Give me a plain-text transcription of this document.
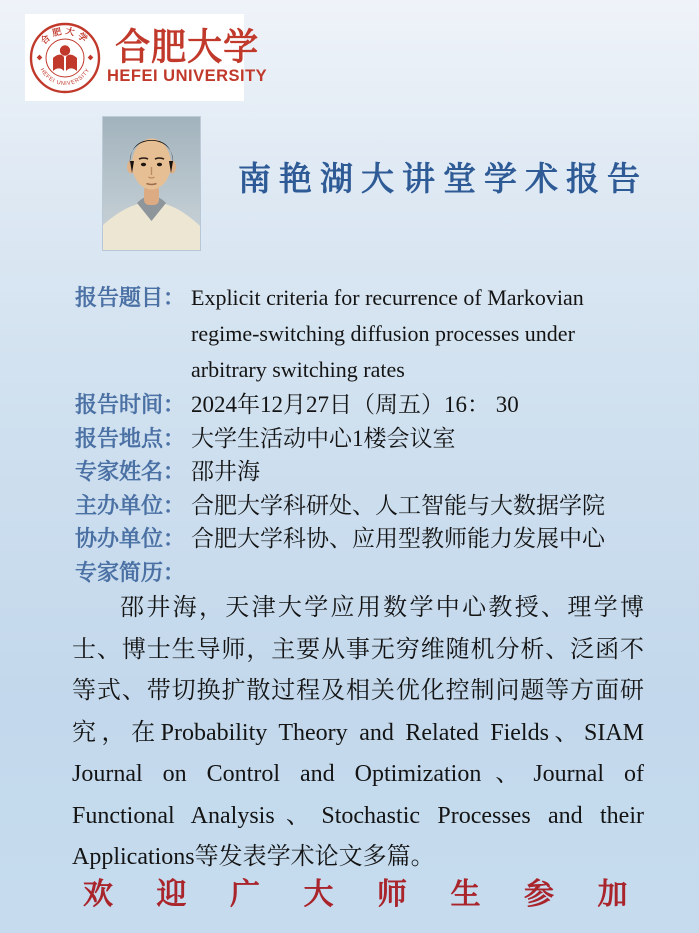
合肥大学
HEFEI UNIVERSITY
合肥大学
HEFEI UNIVERSITY
南艳湖大讲堂学术报告
报告题目： Explicit criteria for recurrence of Markovian regime-switching diffusion processes under arbitrary switching rates
报告时间： 2024年12月27日（周五）16： 30
报告地点： 大学生活动中心1楼会议室
专家姓名： 邵井海
主办单位： 合肥大学科研处、人工智能与大数据学院
协办单位： 合肥大学科协、应用型教师能力发展中心
专家简历：

邵井海，天津大学应用数学中心教授、理学博士、博士生导师，主要从事无穷维随机分析、泛函不等式、带切换扩散过程及相关优化控制问题等方面研究，在Probability Theory and Related Fields、SIAM Journal on Control and Optimization、Journal of Functional Analysis、Stochastic Processes and their Applications等发表学术论文多篇。

欢 迎 广 大 师 生 参 加
